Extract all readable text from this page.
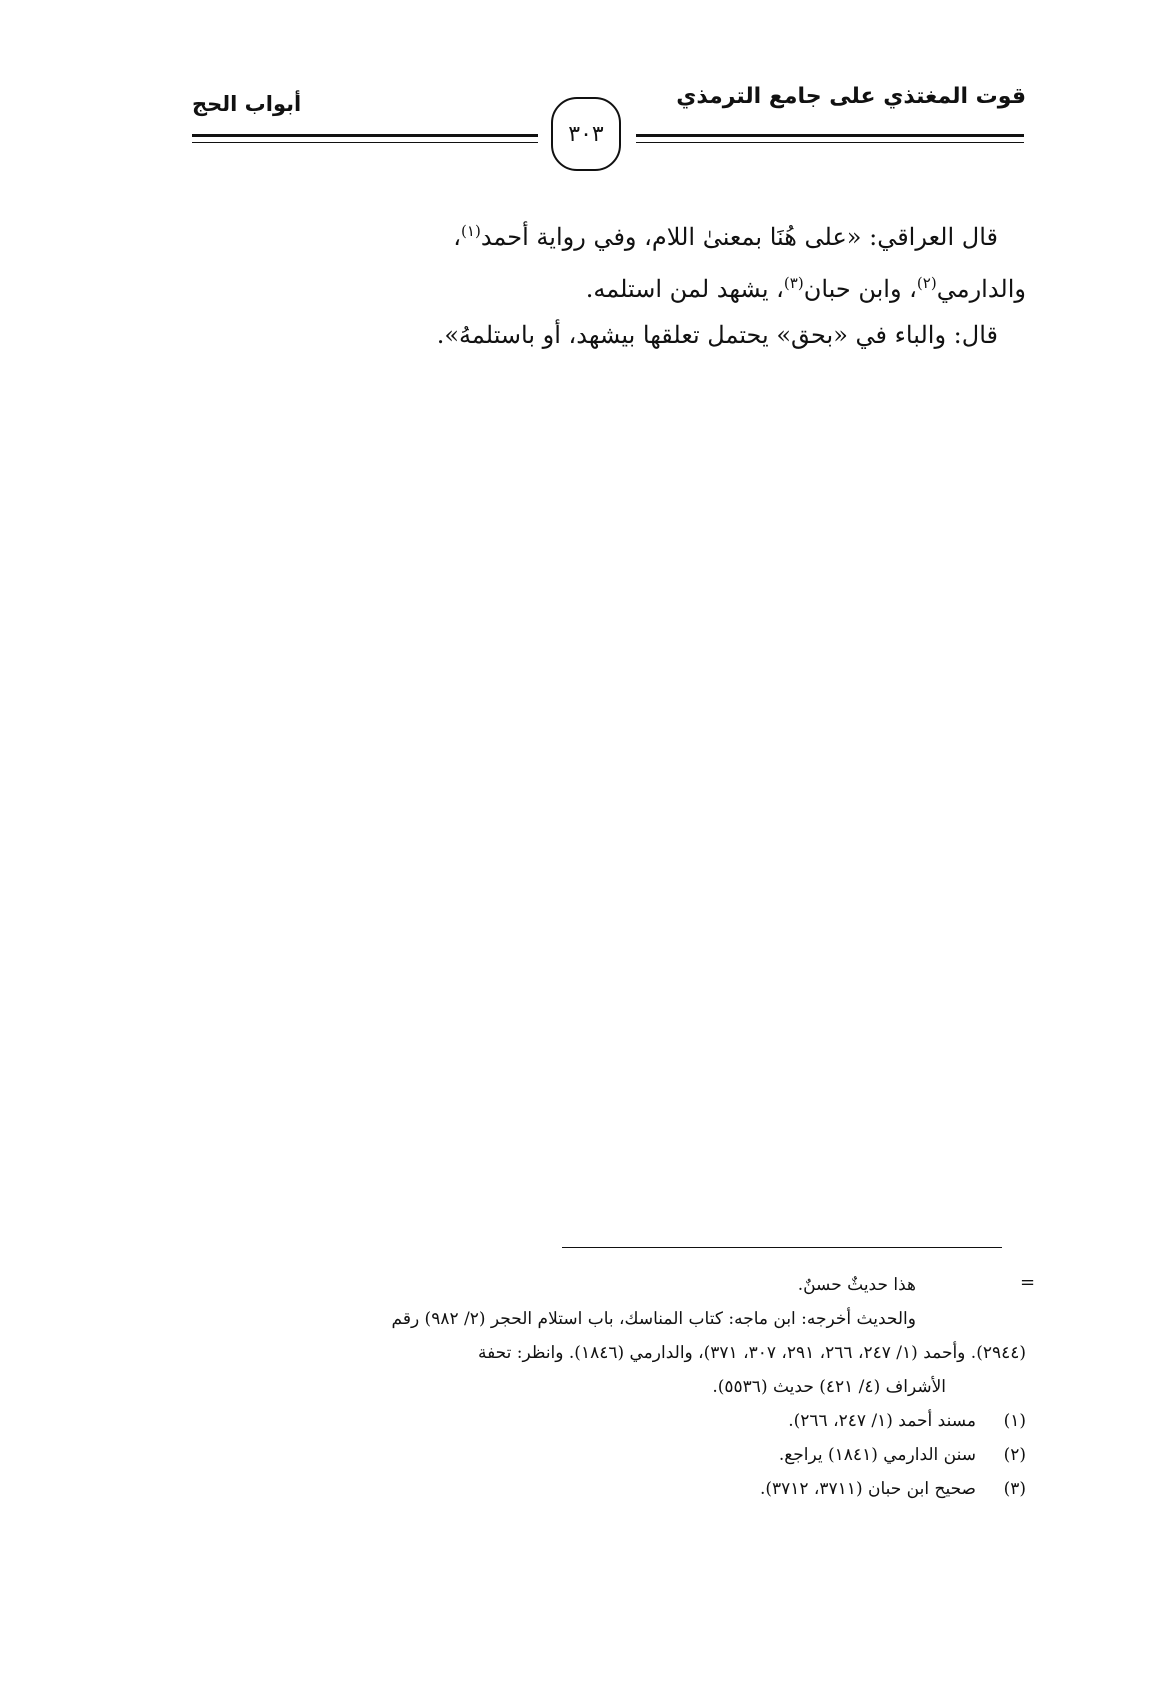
قوت المغتذي على جامع الترمذي
أبواب الحج
٣٠٣

قال العراقي: «على هُنَا بمعنىٰ اللام، وفي رواية أحمد$^{(١)}$،

والدارمي$^{(٢)}$، وابن حبان$^{(٣)}$، يشهد لمن استلمه.

قال: والباء في «بحق» يحتمل تعلقها بيشهد، أو باستلمهُ».

=

هذا حديثٌ حسنٌ.

والحديث أخرجه: ابن ماجه: كتاب المناسك، باب استلام الحجر (٢/ ٩٨٢) رقم

(٢٩٤٤). وأحمد (١/ ٢٤٧، ٢٦٦، ٢٩١، ٣٠٧، ٣٧١)، والدارمي (١٨٤٦). وانظر: تحفة

الأشراف (٤/ ٤٢١) حديث (٥٥٣٦).

(١)
مسند أحمد (١/ ٢٤٧، ٢٦٦).
(٢)
سنن الدارمي (١٨٤١) يراجع.
(٣)
صحيح ابن حبان (٣٧١١، ٣٧١٢).
